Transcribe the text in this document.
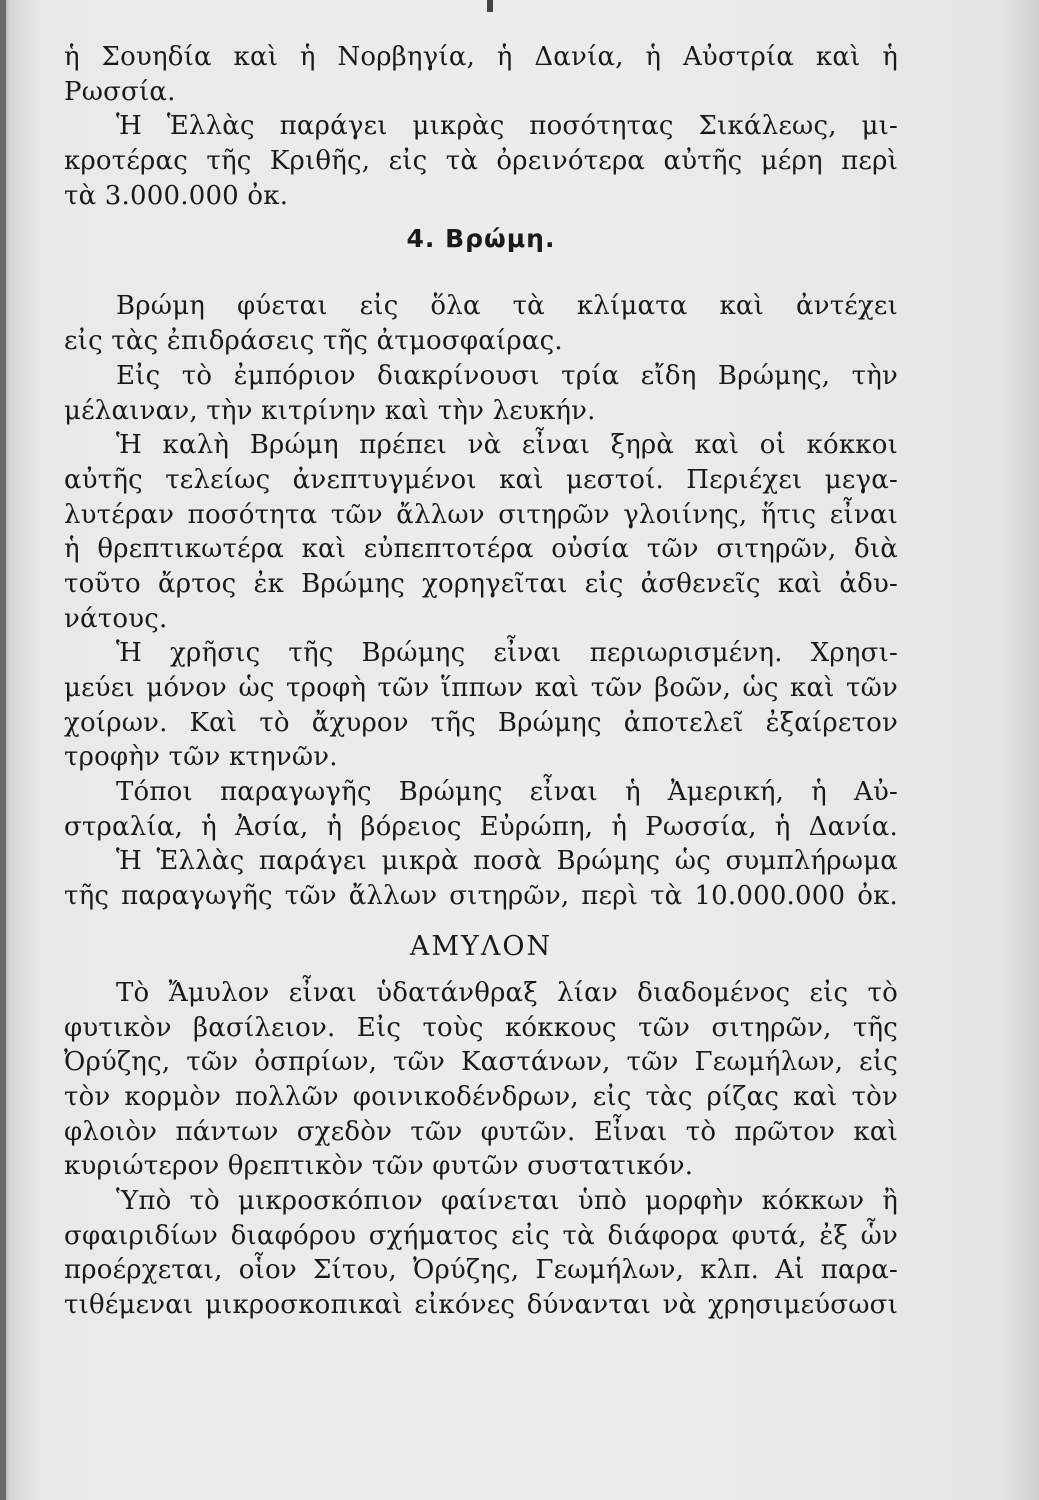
ἡ Σουηδία καὶ ἡ Νορβηγία, ἡ Δανία, ἡ Αὐστρία καὶ ἡ
Ρωσσία.
Ἡ Ἑλλὰς παράγει μικρὰς ποσότητας Σικάλεως, μι-
κροτέρας τῆς Κριθῆς, εἰς τὰ ὀρεινότερα αὐτῆς μέρη περὶ
τὰ 3.000.000 ὀκ.
4. Βρώμη.
Βρώμη φύεται εἰς ὅλα τὰ κλίματα καὶ ἀντέχει
εἰς τὰς ἐπιδράσεις τῆς ἀτμοσφαίρας.
Εἰς τὸ ἐμπόριον διακρίνουσι τρία εἴδη Βρώμης, τὴν
μέλαιναν, τὴν κιτρίνην καὶ τὴν λευκήν.
Ἡ καλὴ Βρώμη πρέπει νὰ εἶναι ξηρὰ καὶ οἱ κόκκοι
αὐτῆς τελείως ἀνεπτυγμένοι καὶ μεστοί. Περιέχει μεγα-
λυτέραν ποσότητα τῶν ἄλλων σιτηρῶν γλοιίνης, ἥτις εἶναι
ἡ θρεπτικωτέρα καὶ εὐπεπτοτέρα οὐσία τῶν σιτηρῶν, διὰ
τοῦτο ἄρτος ἐκ Βρώμης χορηγεῖται εἰς ἀσθενεῖς καὶ ἀδυ-
νάτους.
Ἡ χρῆσις τῆς Βρώμης εἶναι περιωρισμένη. Χρησι-
μεύει μόνον ὡς τροφὴ τῶν ἵππων καὶ τῶν βοῶν, ὡς καὶ τῶν
χοίρων. Καὶ τὸ ἄχυρον τῆς Βρώμης ἀποτελεῖ ἐξαίρετον
τροφὴν τῶν κτηνῶν.
Τόποι παραγωγῆς Βρώμης εἶναι ἡ Ἀμερική, ἡ Αὐ-
στραλία, ἡ Ἀσία, ἡ βόρειος Εὐρώπη, ἡ Ρωσσία, ἡ Δανία.
Ἡ Ἑλλὰς παράγει μικρὰ ποσὰ Βρώμης ὡς συμπλήρωμα
τῆς παραγωγῆς τῶν ἄλλων σιτηρῶν, περὶ τὰ 10.000.000 ὀκ.
ΑΜΥΛΟΝ
Τὸ Ἄμυλον εἶναι ὑδατάνθραξ λίαν διαδομένος εἰς τὸ
φυτικὸν βασίλειον. Εἰς τοὺς κόκκους τῶν σιτηρῶν, τῆς
Ὀρύζης, τῶν ὀσπρίων, τῶν Καστάνων, τῶν Γεωμήλων, εἰς
τὸν κορμὸν πολλῶν φοινικοδένδρων, εἰς τὰς ρίζας καὶ τὸν
φλοιὸν πάντων σχεδὸν τῶν φυτῶν. Εἶναι τὸ πρῶτον καὶ
κυριώτερον θρεπτικὸν τῶν φυτῶν συστατικόν.
Ὑπὸ τὸ μικροσκόπιον φαίνεται ὑπὸ μορφὴν κόκκων ἢ
σφαιριδίων διαφόρου σχήματος εἰς τὰ διάφορα φυτά, ἐξ ὧν
προέρχεται, οἷον Σίτου, Ὀρύζης, Γεωμήλων, κλπ. Αἱ παρα-
τιθέμεναι μικροσκοπικαὶ εἰκόνες δύνανται νὰ χρησιμεύσωσι
